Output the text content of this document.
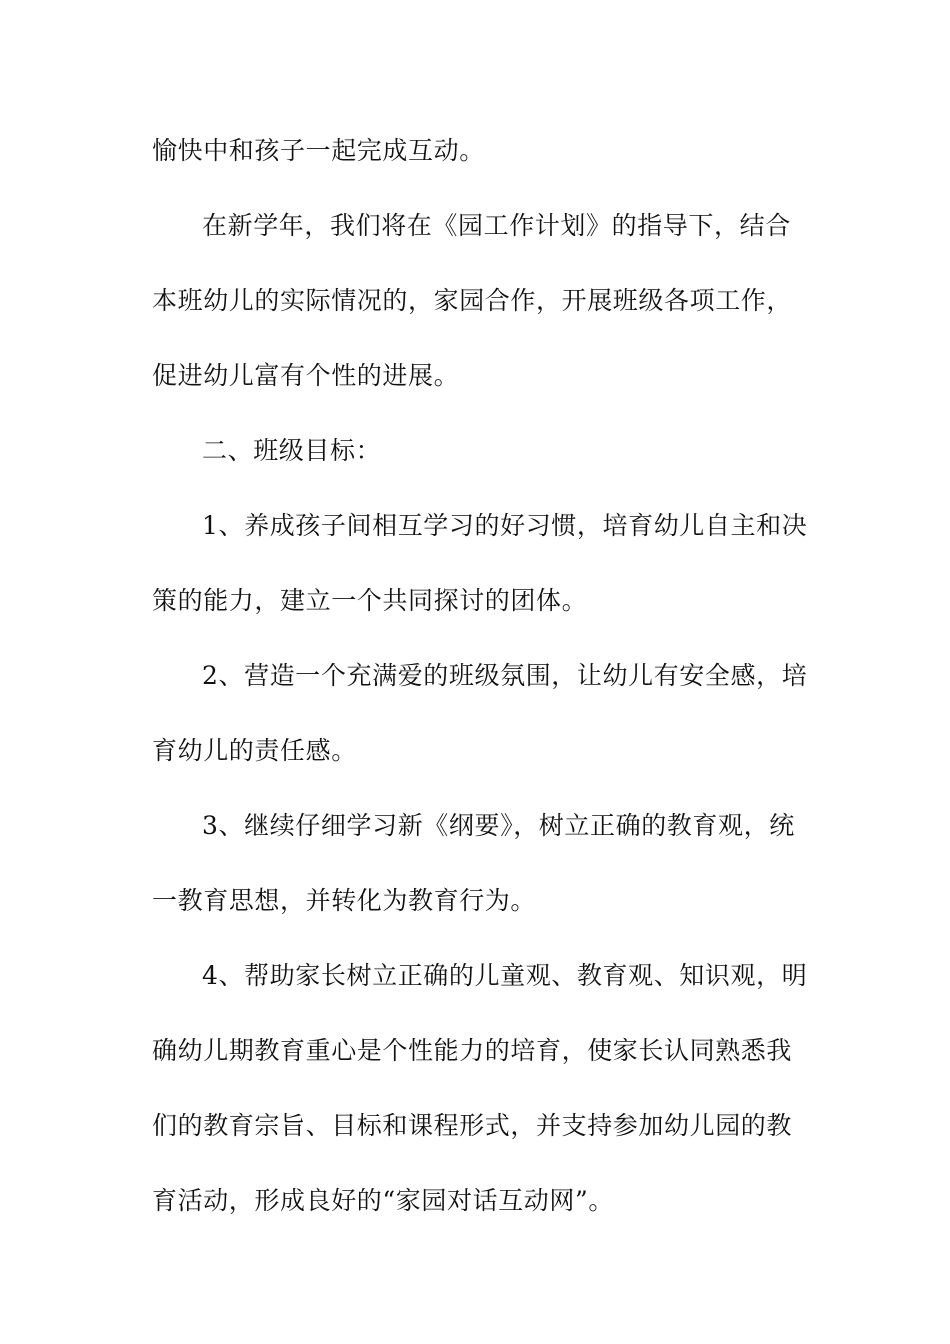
愉快中和孩子一起完成互动。
在新学年，我们将在《园工作计划》的指导下，结合
本班幼儿的实际情况的，家园合作，开展班级各项工作，
促进幼儿富有个性的进展。
二、班级目标：
1、养成孩子间相互学习的好习惯，培育幼儿自主和决
策的能力，建立一个共同探讨的团体。
2、营造一个充满爱的班级氛围，让幼儿有安全感，培
育幼儿的责任感。
3、继续仔细学习新《纲要》，树立正确的教育观，统
一教育思想，并转化为教育行为。
4、帮助家长树立正确的儿童观、教育观、知识观，明
确幼儿期教育重心是个性能力的培育，使家长认同熟悉我
们的教育宗旨、目标和课程形式，并支持参加幼儿园的教
育活动，形成良好的“家园对话互动网”。
